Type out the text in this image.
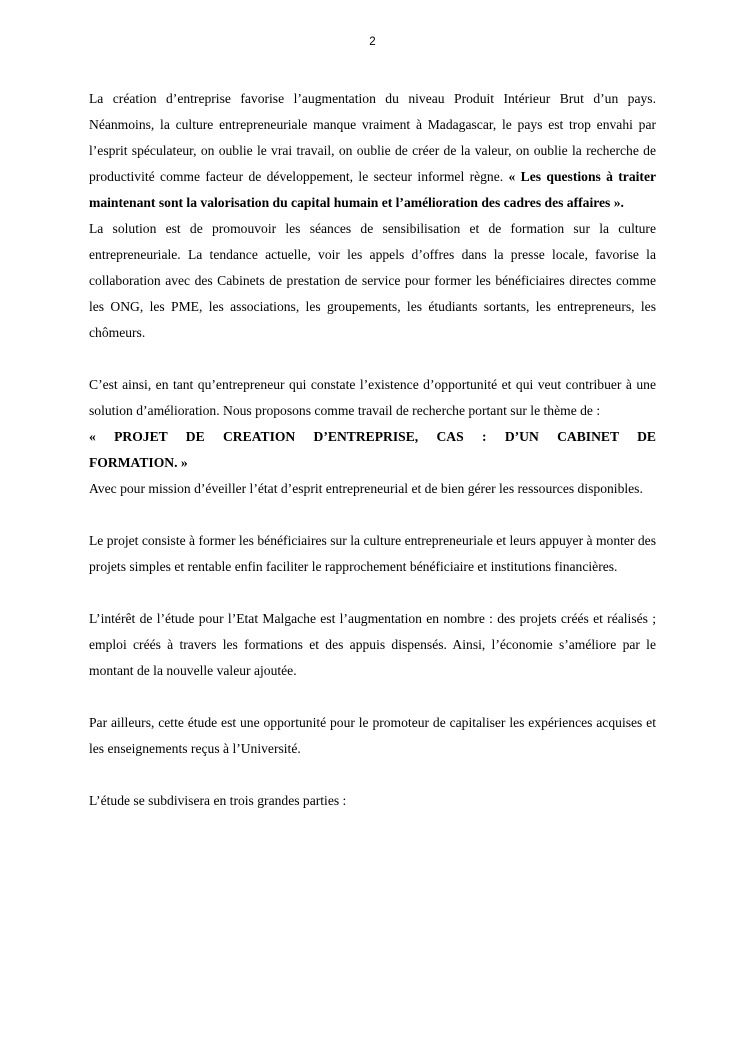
2

La création d’entreprise favorise l’augmentation du niveau Produit Intérieur Brut d’un pays. Néanmoins, la culture entrepreneuriale manque vraiment à Madagascar, le pays est trop envahi par l’esprit spéculateur, on oublie le vrai travail, on oublie de créer de la valeur, on oublie la recherche de productivité comme facteur de développement, le secteur informel règne. « Les questions à traiter maintenant sont la valorisation du capital humain et l’amélioration des cadres des affaires ».

La solution est de promouvoir les séances de sensibilisation et de formation sur la culture entrepreneuriale. La tendance actuelle, voir les appels d’offres dans la presse locale, favorise la collaboration avec des Cabinets de prestation de service pour former les bénéficiaires directes comme les ONG, les PME, les associations, les groupements, les étudiants sortants, les entrepreneurs, les chômeurs.

C’est ainsi, en tant qu’entrepreneur qui constate l’existence d’opportunité et qui veut contribuer à une solution d’amélioration. Nous proposons comme travail de recherche portant sur le thème de :

« PROJET DE CREATION D’ENTREPRISE, CAS : D’UN CABINET DE

FORMATION. »

Avec pour mission d’éveiller l’état d’esprit entrepreneurial et de bien gérer les ressources disponibles.

Le projet consiste à former les bénéficiaires sur la culture entrepreneuriale et leurs appuyer à monter des projets simples et rentable enfin faciliter le rapprochement bénéficiaire et institutions financières.

L’intérêt de l’étude pour l’Etat Malgache est l’augmentation en nombre : des projets créés et réalisés ; emploi créés à travers les formations et des appuis dispensés. Ainsi, l’économie s’améliore par le montant de la nouvelle valeur ajoutée.

Par ailleurs, cette étude est une opportunité pour le promoteur de capitaliser les expériences acquises et les enseignements reçus à l’Université.

L’étude se subdivisera en trois grandes parties :
